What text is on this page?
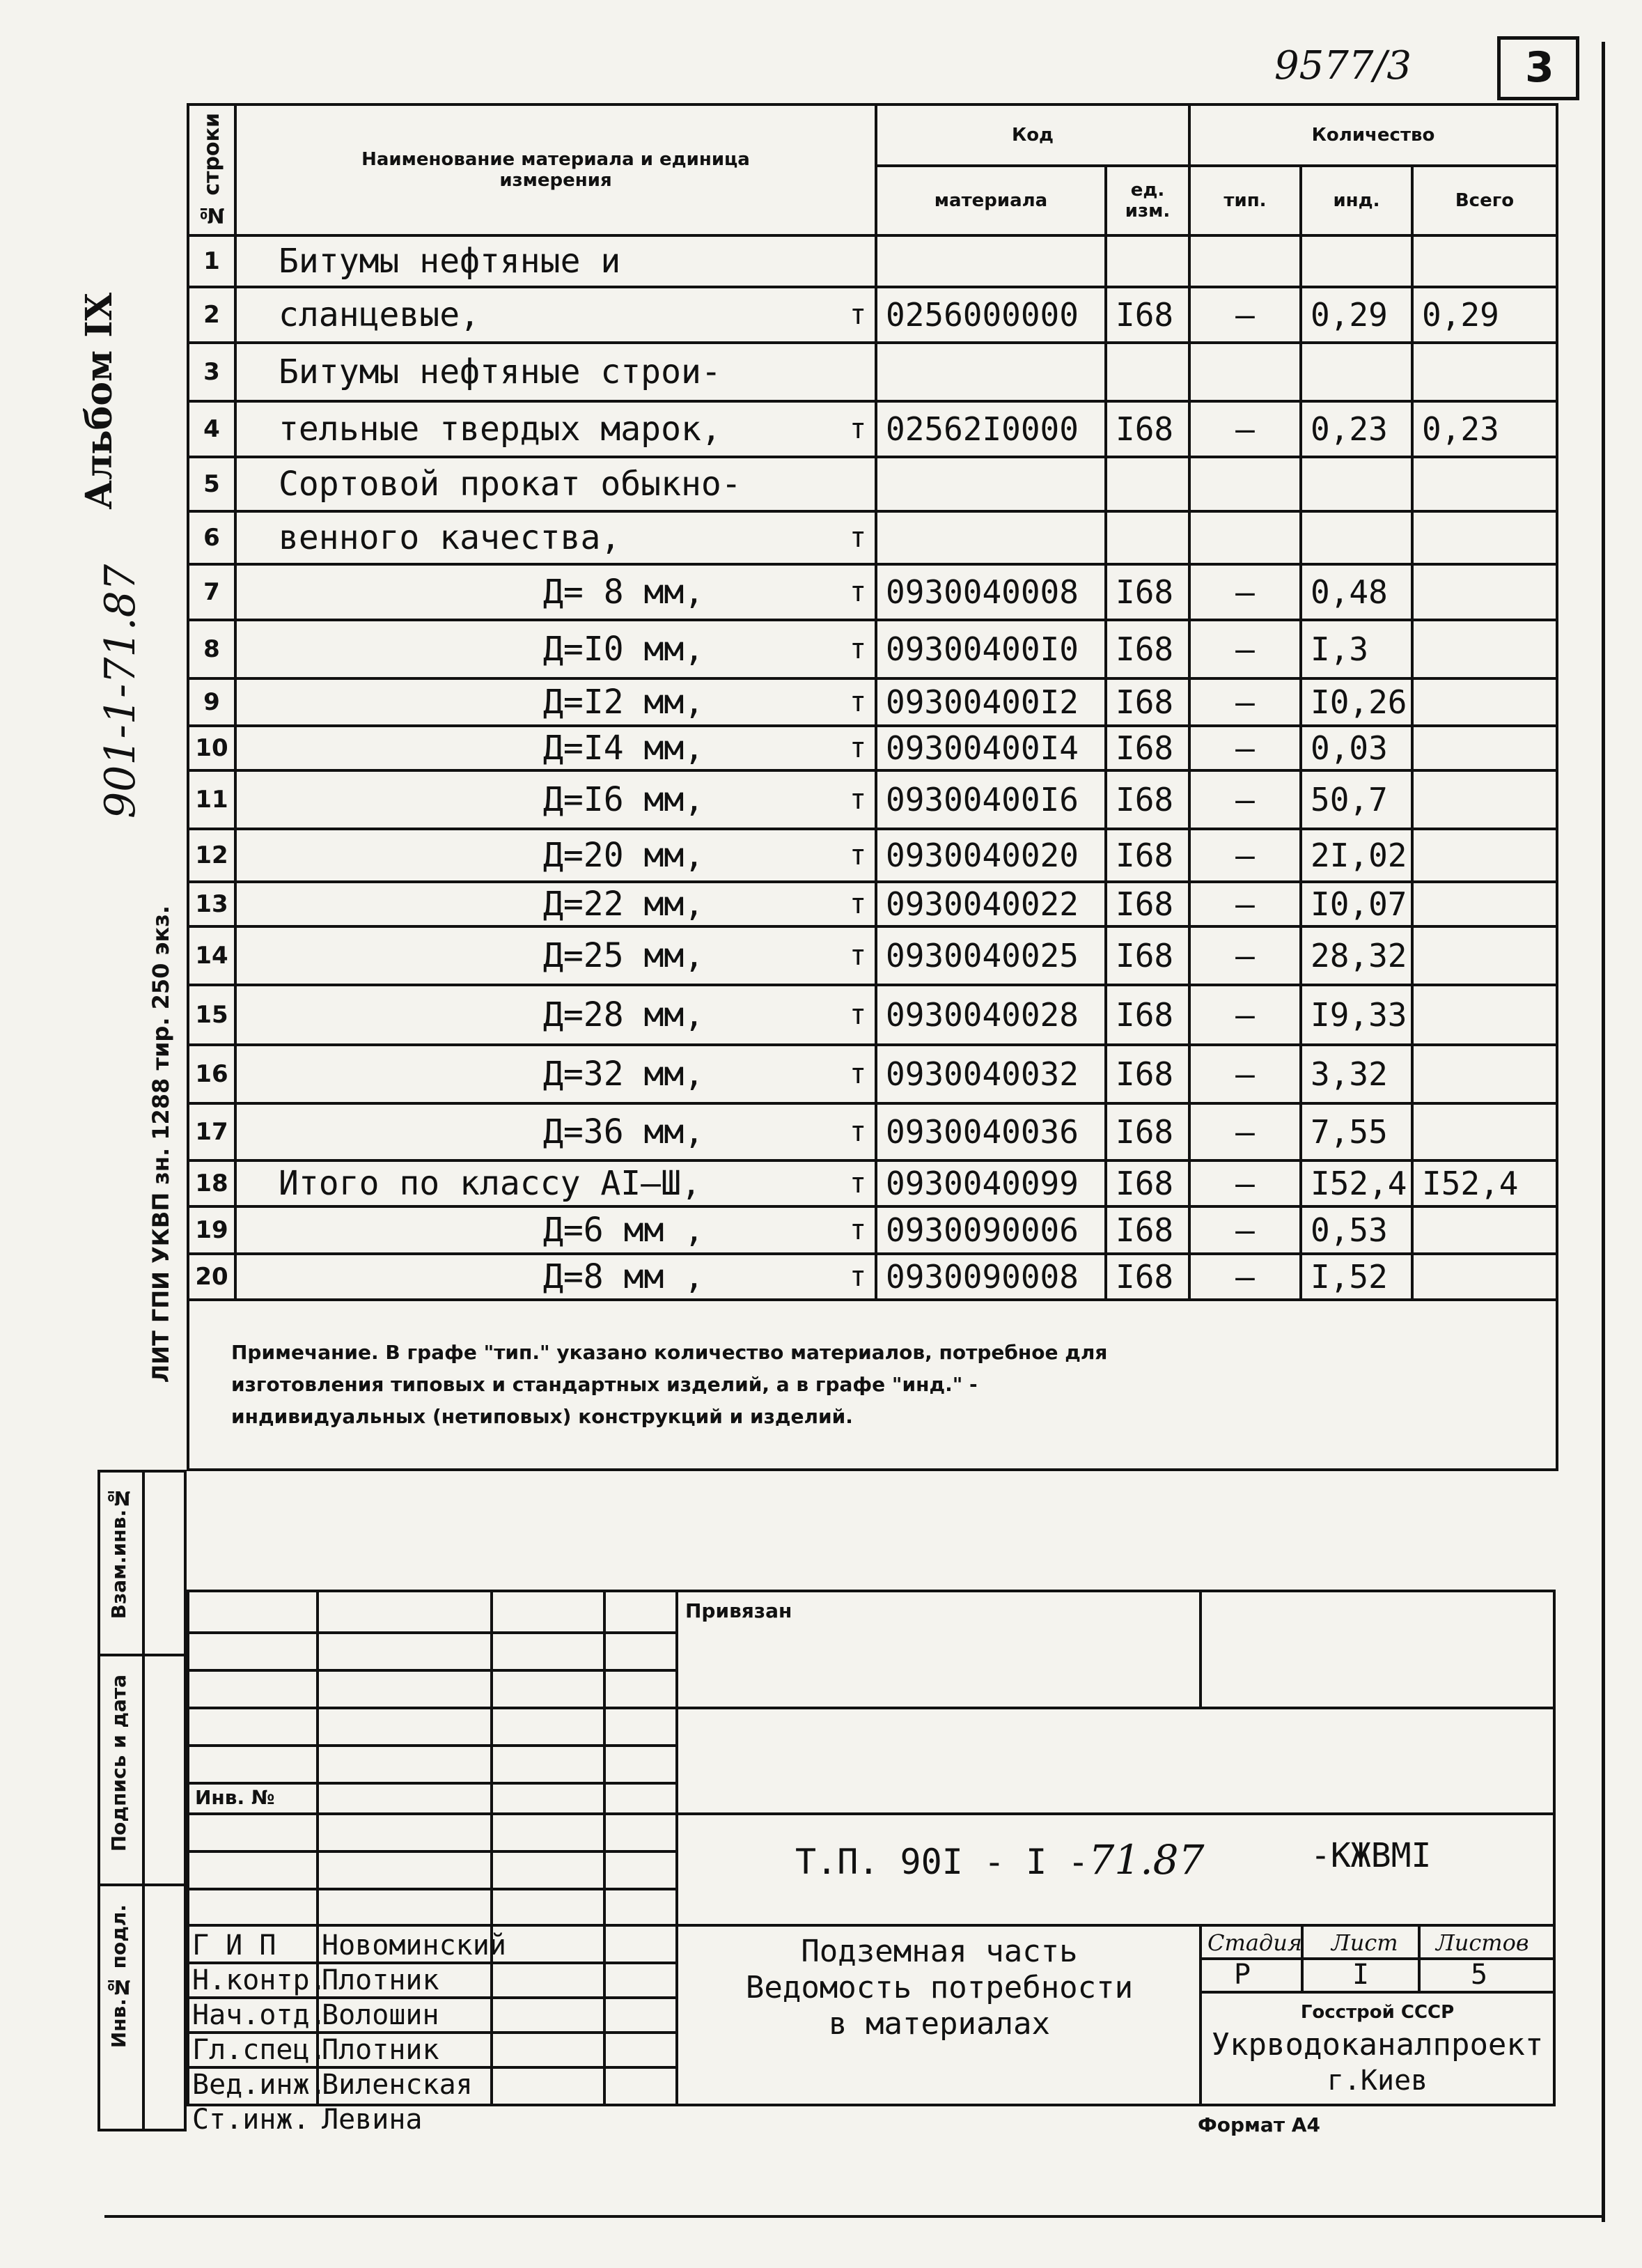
9577/3	3
Альбом IX
901-1-71.87
ЛИТ ГПИ УКВП зн. 1288 тир. 250 экз.
Взам.инв.№
Подпись и дата
Инв.№ подл.
№ строки	Наименование материала и единица измерения	Код		Количество		
		материала	ед. изм.	тип.	инд.	Всего
1	Битумы нефтяные и

2	сланцевые, т	0256000000	I68	–	0,29	0,29
3	Битумы нефтяные строи-

4	тельные твердых марок, т	02562I0000	I68	–	0,23	0,23
5	Сортовой прокат обыкно-

6	венного качества, т					

7	Д= 8 мм, т	0930040008	I68	–	0,48	
8	Д=I0 мм, т	09300400I0	I68	–	I,3	
9	Д=I2 мм, т	09300400I2	I68	–	I0,26	
10	Д=I4 мм, т	09300400I4	I68	–	0,03	
11	Д=I6 мм, т	09300400I6	I68	–	50,7	
12	Д=20 мм, т	0930040020	I68	–	2I,02	
13	Д=22 мм, т	0930040022	I68	–	I0,07	
14	Д=25 мм, т	0930040025	I68	–	28,32	
15	Д=28 мм, т	0930040028	I68	–	I9,33	
16	Д=32 мм, т	0930040032	I68	–	3,32	
17	Д=36 мм, т	0930040036	I68	–	7,55	
18	Итого по классу АI–Ш, т	0930040099	I68	–	I52,4	I52,4
19	Д=6 мм , т	0930090006	I68	–	0,53	
20	Д=8 мм , т	0930090008	I68	–	I,52	

Примечание. В графе "тип." указано количество материалов, потребное для изготовления типовых и стандартных изделий, а в графе "инд." - индивидуальных (нетиповых) конструкций и изделий.						
Привязан
Инв. №
Т.П. 90I - I -71.87	-КЖВМI
Подземная часть
Ведомость потребности
в материалах
Стадия Лист Листов
Р	I	5
Госстрой СССР
Укрводоканалпроект
г.Киев
Г И П Новоминский
Н.контр.
Плотник
Нач.отд.
Волошин
Гл.спец.
Плотник
Вед.инж.
Виленская
Ст.инж. Левина	Формат А4
